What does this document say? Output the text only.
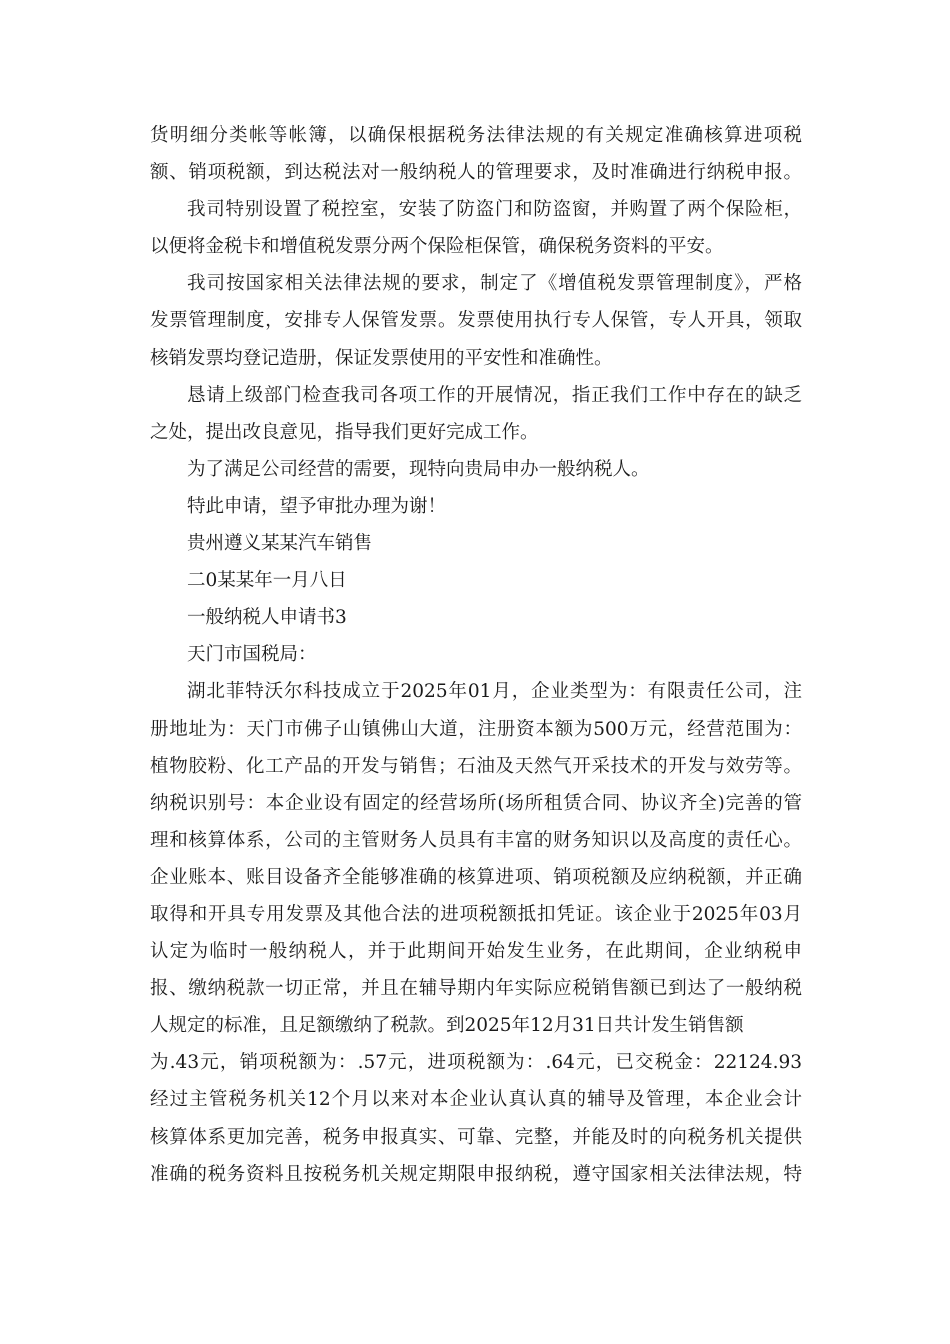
货明细分类帐等帐簿，以确保根据税务法律法规的有关规定准确核算进项税
额、销项税额，到达税法对一般纳税人的管理要求，及时准确进行纳税申报。
我司特别设置了税控室，安装了防盗门和防盗窗，并购置了两个保险柜，
以便将金税卡和增值税发票分两个保险柜保管，确保税务资料的平安。
我司按国家相关法律法规的要求，制定了《增值税发票管理制度》，严格
发票管理制度，安排专人保管发票。发票使用执行专人保管，专人开具，领取
核销发票均登记造册，保证发票使用的平安性和准确性。
恳请上级部门检查我司各项工作的开展情况，指正我们工作中存在的缺乏
之处，提出改良意见，指导我们更好完成工作。
为了满足公司经营的需要，现特向贵局申办一般纳税人。
特此申请，望予审批办理为谢！
贵州遵义某某汽车销售
二0某某年一月八日
一般纳税人申请书3
天门市国税局：
湖北菲特沃尔科技成立于2025年01月，企业类型为：有限责任公司，注
册地址为：天门市佛子山镇佛山大道，注册资本额为500万元，经营范围为：
植物胶粉、化工产品的开发与销售；石油及天然气开采技术的开发与效劳等。
纳税识别号：本企业设有固定的经营场所(场所租赁合同、协议齐全)完善的管
理和核算体系，公司的主管财务人员具有丰富的财务知识以及高度的责任心。
企业账本、账目设备齐全能够准确的核算进项、销项税额及应纳税额，并正确
取得和开具专用发票及其他合法的进项税额抵扣凭证。该企业于2025年03月
认定为临时一般纳税人，并于此期间开始发生业务，在此期间，企业纳税申
报、缴纳税款一切正常，并且在辅导期内年实际应税销售额已到达了一般纳税
人规定的标准，且足额缴纳了税款。到2025年12月31日共计发生销售额
为.43元，销项税额为：.57元，进项税额为：.64元，已交税金：22124.93
经过主管税务机关12个月以来对本企业认真认真的辅导及管理，本企业会计
核算体系更加完善，税务申报真实、可靠、完整，并能及时的向税务机关提供
准确的税务资料且按税务机关规定期限申报纳税，遵守国家相关法律法规，特
